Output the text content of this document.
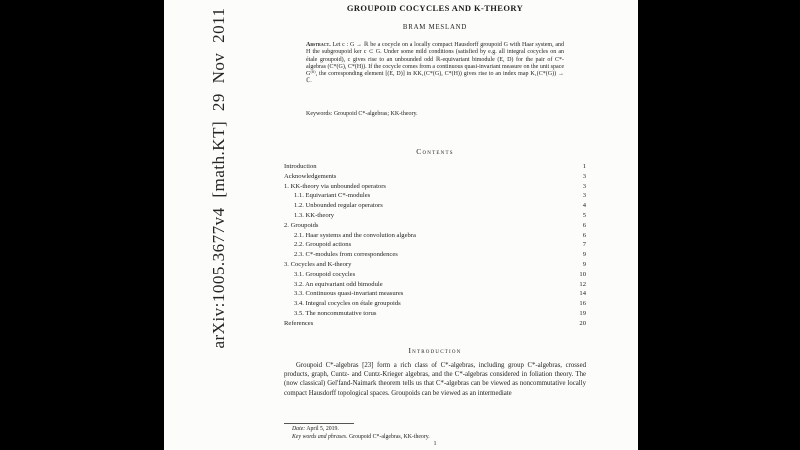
arXiv:1005.3677v4 [math.KT] 29 Nov 2011	GROUPOID COCYCLES AND K-THEORY
BRAM MESLAND
Abstract. Let c : G → ℝ be a cocycle on a locally compact Hausdorff groupoid G with Haar system, and H the subgroupoid ker c ⊂ G. Under some mild conditions (satisfied by e.g. all integral cocycles on an étale groupoid), c gives rise to an unbounded odd ℝ-equivariant bimodule (E, D) for the pair of C*-algebras (C*(G), C*(H)). If the cocycle comes from a continuous quasi-invariant measure on the unit space G⁽⁰⁾, the corresponding element [(E, D)] in KK₁(C*(G), C*(H)) gives rise to an index map K₁(C*(G)) → ℂ.
Keywords: Groupoid C*-algebras; KK-theory.
Contents
Introduction	1
Acknowledgements	3
1. KK-theory via unbounded operators	3
1.1. Equivariant C*-modules	3
1.2. Unbounded regular operators	4
1.3. KK-theory	5
2. Groupoids	6
2.1. Haar systems and the convolution algebra	6
2.2. Groupoid actions	7
2.3. C*-modules from correspondences	9
3. Cocycles and K-theory	9
3.1. Groupoid cocycles	10
3.2. An equivariant odd bimodule	12
3.3. Continuous quasi-invariant measures	14
3.4. Integral cocycles on étale groupoids	16
3.5. The noncommutative torus	19
References	20
Introduction
Groupoid C*-algebras [23] form a rich class of C*-algebras, including group C*-algebras, crossed products, graph, Cuntz- and Cuntz-Krieger algebras, and the C*-algebras considered in foliation theory. The (now classical) Gel'fand-Naimark theorem tells us that C*-algebras can be viewed as noncommutative locally compact Hausdorff topological spaces. Groupoids can be viewed as an intermediate
Date: April 5, 2019.
Key words and phrases. Groupoid C*-algebras, KK-theory.
1
